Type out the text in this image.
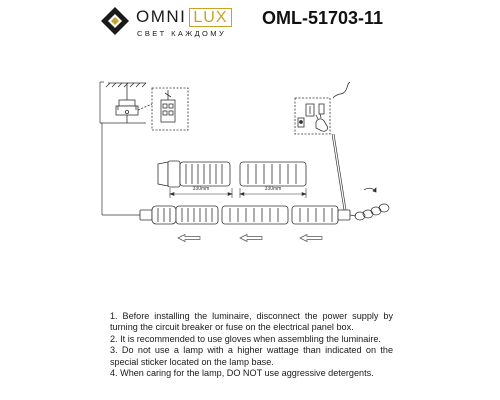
OMNI LUX
СВЕТ КАЖДОМУ
OML-51703-11
330mm	330mm

1. Before installing the luminaire, disconnect the power supply by turning the circuit breaker or fuse on the electrical panel box.

2. It is recommended to use gloves when assembling the luminaire.

3. Do not use a lamp with a higher wattage than indicated on the special sticker located on the lamp base.

4. When caring for the lamp, DO NOT use aggressive detergents.
